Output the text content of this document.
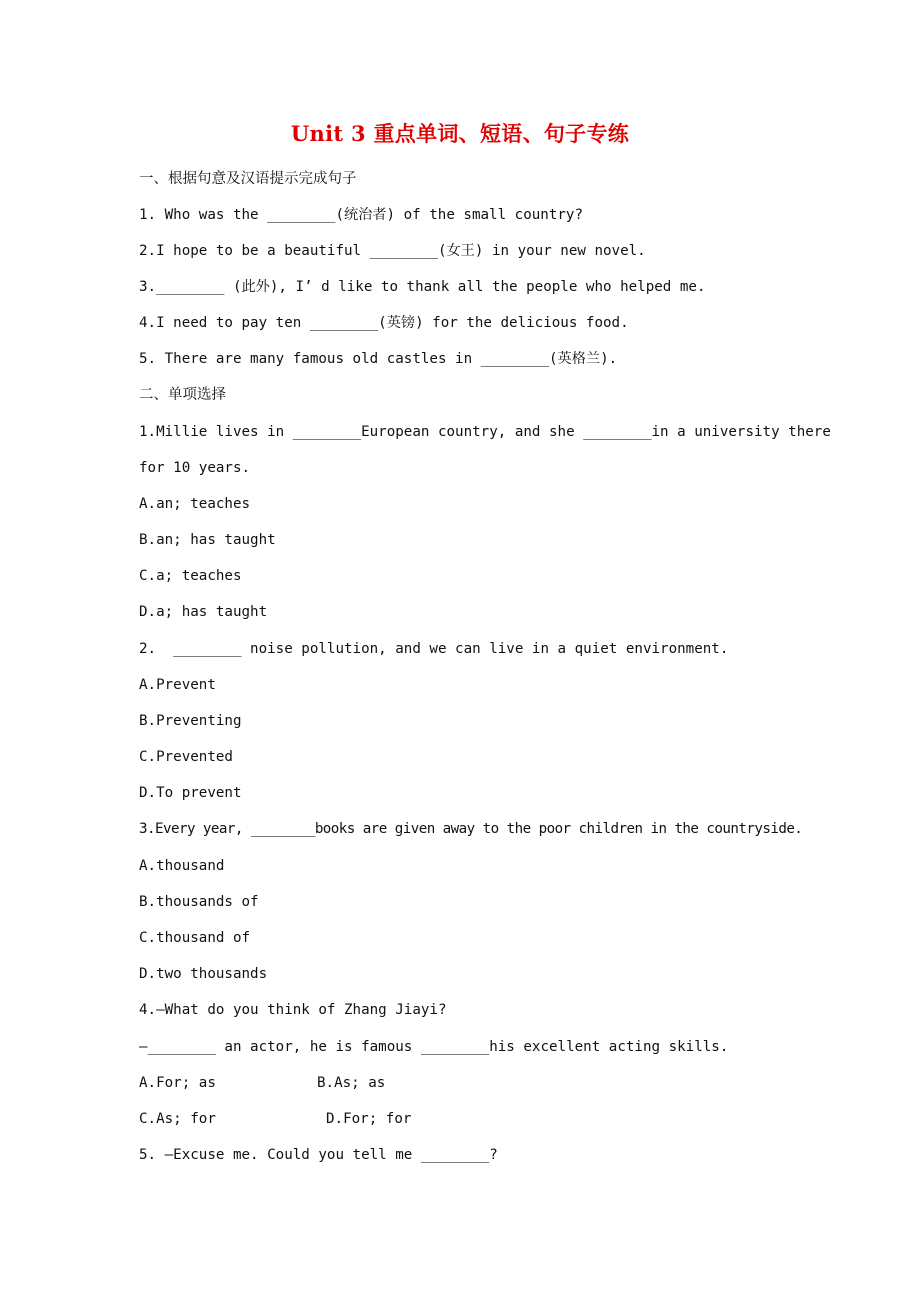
Unit 3 重点单词、短语、句子专练
一、根据句意及汉语提示完成句子
1. Who was the ________(统治者) of the small country?
2.I hope to be a beautiful ________(女王) in your new novel.
3.________ (此外), I’ d like to thank all the people who helped me.
4.I need to pay ten ________(英镑) for the delicious food.
5. There are many famous old castles in ________(英格兰).
二、单项选择
1.Millie lives in ________European country, and she ________in a university there
for 10 years.
A.an; teaches
B.an; has taught
C.a; teaches
D.a; has taught
2.  ________ noise pollution, and we can live in a quiet environment.
A.Prevent
B.Preventing
C.Prevented
D.To prevent
3.Every year, ________books are given away to the poor children in the countryside.
A.thousand
B.thousands of
C.thousand of
D.two thousands
4.—What do you think of Zhang Jiayi?
—________ an actor, he is famous ________his excellent acting skills.
A.For; as	B.As; as
C.As; for	D.For; for
5. —Excuse me. Could you tell me ________?
